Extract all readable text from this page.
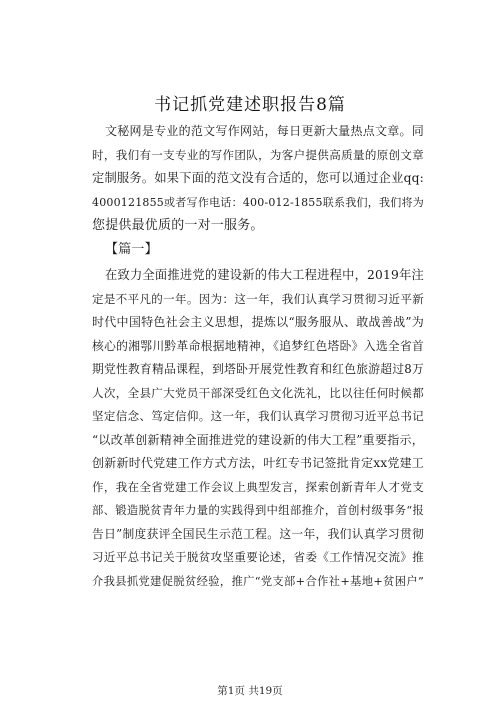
书记抓党建述职报告8篇
文秘网是专业的范文写作网站，每日更新大量热点文章。同
时，我们有一支专业的写作团队，为客户提供高质量的原创文章
定制服务。如果下面的范文没有合适的，您可以通过企业qq:
4000121855或者写作电话：400-012-1855联系我们，我们将为
您提供最优质的一对一服务。
【篇一】
在致力全面推进党的建设新的伟大工程进程中，2019年注
定是不平凡的一年。因为：这一年，我们认真学习贯彻习近平新
时代中国特色社会主义思想，提炼以“服务服从、敢战善战”为
核心的湘鄂川黔革命根据地精神，《追梦红色塔卧》入选全省首
期党性教育精品课程，到塔卧开展党性教育和红色旅游超过8万
人次，全县广大党员干部深受红色文化洗礼，比以往任何时候都
坚定信念、笃定信仰。这一年，我们认真学习贯彻习近平总书记
“以改革创新精神全面推进党的建设新的伟大工程”重要指示，
创新新时代党建工作方式方法，叶红专书记签批肯定xx党建工
作，我在全省党建工作会议上典型发言，探索创新青年人才党支
部、锻造脱贫青年力量的实践得到中组部推介，首创村级事务“报
告日”制度获评全国民生示范工程。这一年，我们认真学习贯彻
习近平总书记关于脱贫攻坚重要论述，省委《工作情况交流》推
介我县抓党建促脱贫经验，推广“党支部+合作社+基地+贫困户”
第1页 共19页
